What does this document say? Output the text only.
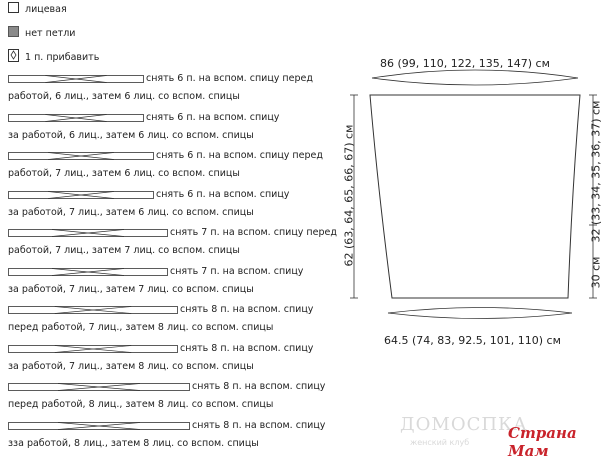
лицевая
нет петли
1 п. прибавить
снять 6 п. на вспом. спицу перед
работой, 6 лиц., затем 6 лиц. со вспом. спицы
снять 6 п. на вспом. спицу
за работой, 6 лиц., затем 6 лиц. со вспом. спицы
снять 6 п. на вспом. спицу перед
работой, 7 лиц., затем 6 лиц. со вспом. спицы
снять 6 п. на вспом. спицу
за работой, 7 лиц., затем 6 лиц. со вспом. спицы
снять 7 п. на вспом. спицу перед
работой, 7 лиц., затем 7 лиц. со вспом. спицы
снять 7 п. на вспом. спицу
за работой, 7 лиц., затем 7 лиц. со вспом. спицы
снять 8 п. на вспом. спицу
перед работой, 7 лиц., затем 8 лиц. со вспом. спицы
снять 8 п. на вспом. спицу
за работой, 7 лиц., затем 8 лиц. со вспом. спицы
снять 8 п. на вспом. спицу
перед работой, 8 лиц., затем 8 лиц. со вспом. спицы
снять 8 п. на вспом. спицу
зза работой, 8 лиц., затем 8 лиц. со вспом. спицы
86 (99, 110, 122, 135, 147) см
64.5 (74, 83, 92.5, 101, 110) см
62 (63, 64, 65, 66, 67) см	32 (33, 34, 35, 36, 37) см
30 см
ДОМОСПКА
женский клуб
Страна Мам
